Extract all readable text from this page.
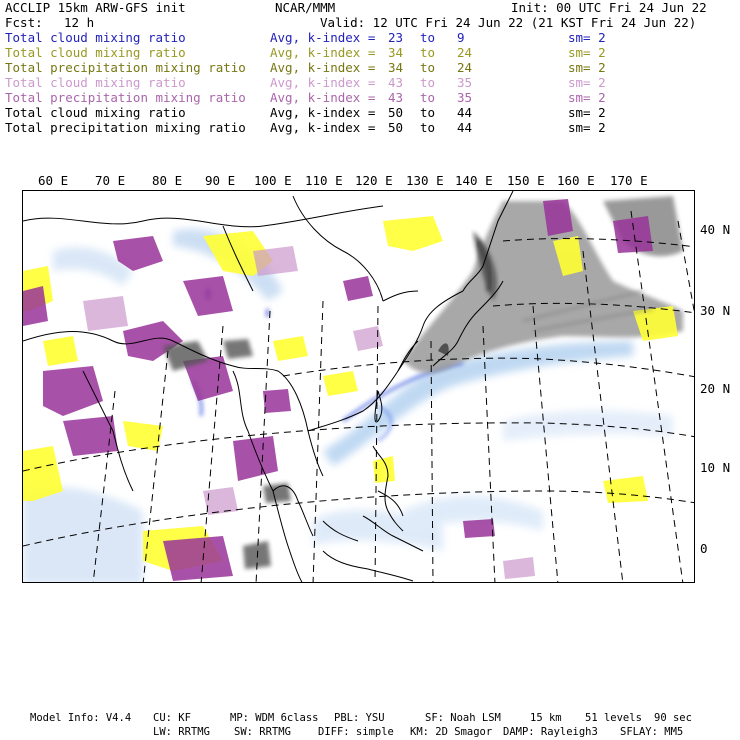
ACCLIP 15km ARW-GFS init	NCAR/MMM	Init: 00 UTC Fri 24 Jun 22
Fcst: 12 h	Valid: 12 UTC Fri 24 Jun 22 (21 KST Fri 24 Jun 22)
Total cloud mixing ratio	Avg, k-index = 23 to 9	sm= 2
Total cloud mixing ratio	Avg, k-index = 34 to 24	sm= 2
Total precipitation mixing ratio Avg, k-index = 34 to 24	sm= 2
Total cloud mixing ratio	Avg, k-index = 43 to 35	sm= 2
Total precipitation mixing ratio Avg, k-index = 43 to 35	sm= 2
Total cloud mixing ratio	Avg, k-index = 50 to 44	sm= 2
Total precipitation mixing ratio Avg, k-index = 50 to 44	sm= 2
60 E 70 E 80 E 90 E 100 E 110 E 120 E 130 E 140 E 150 E 160 E 170 E
40 N
30 N
20 N
10 N
0
Model Info: V4.4 CU: KF	MP: WDM 6class PBL: YSU	SF: Noah LSM	15 km 51 levels 90 sec
LW: RRTMG SW: RRTMG	DIFF: simple KM: 2D Smagor DAMP: Rayleigh3 SFLAY: MM5
